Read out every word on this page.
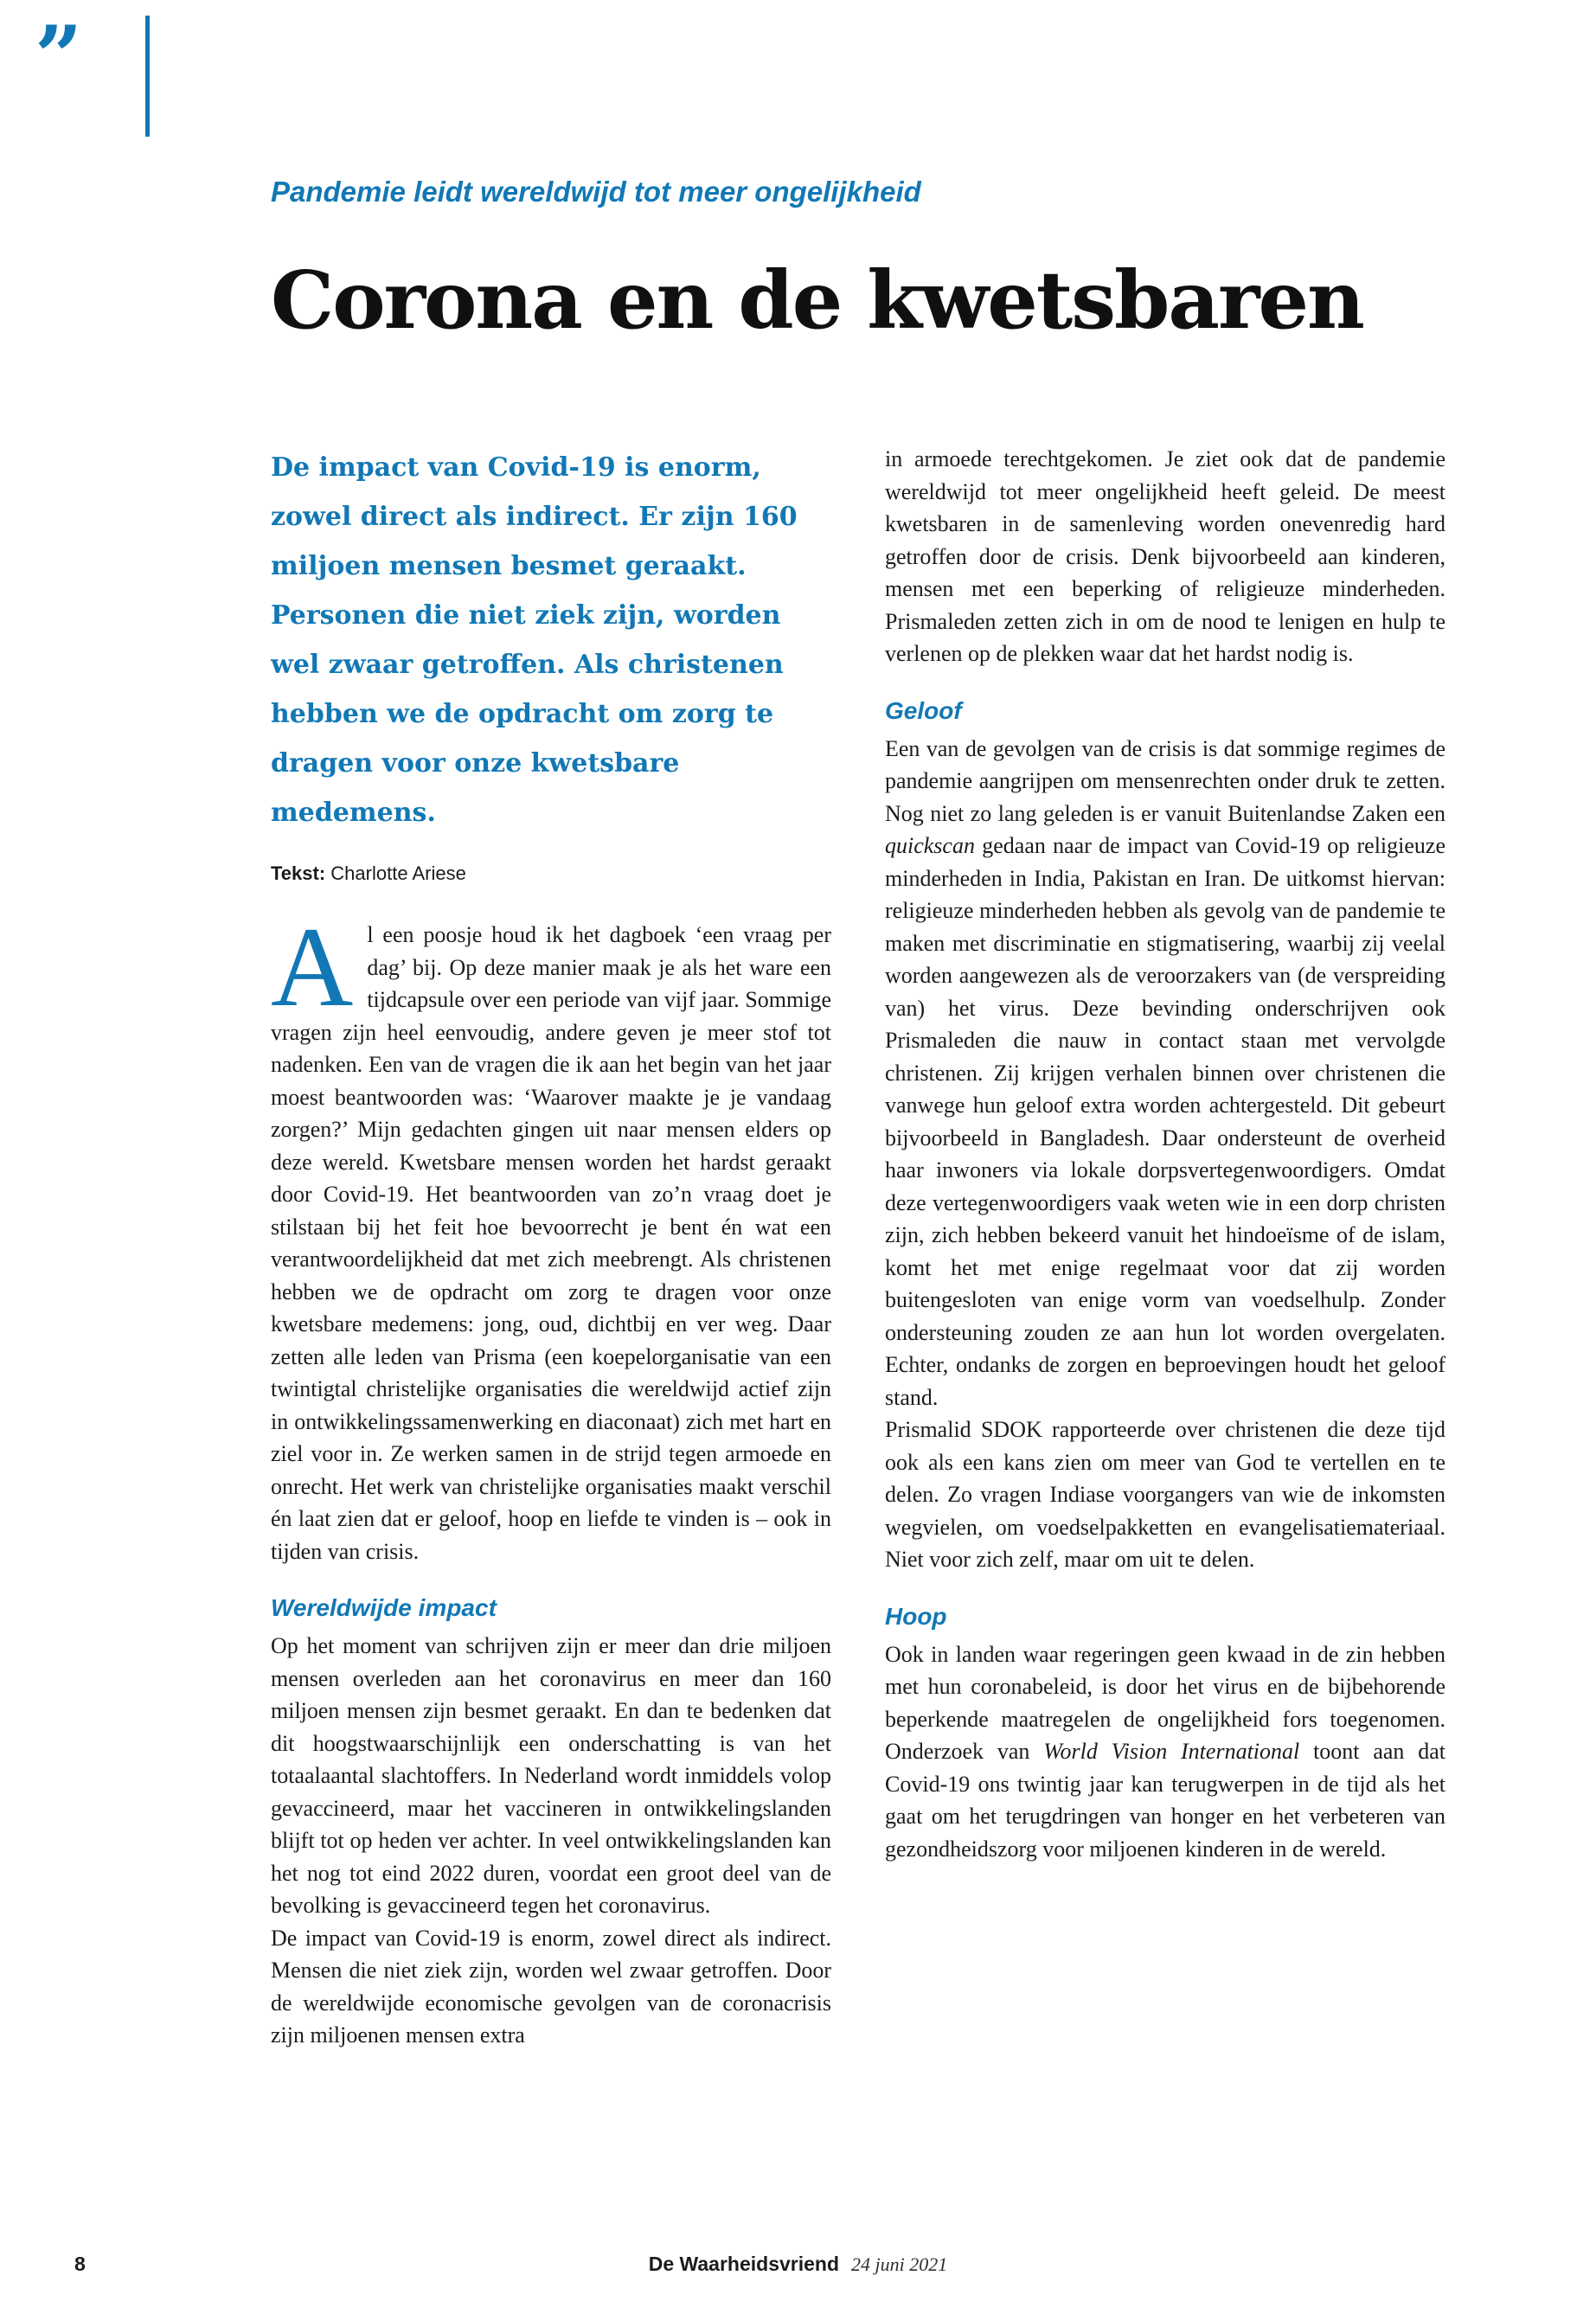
”

Pandemie leidt wereldwijd tot meer ongelijkheid

Corona en de kwetsbaren

De impact van Covid-19 is enorm, zowel direct als indirect. Er zijn 160 miljoen mensen besmet geraakt. Personen die niet ziek zijn, worden wel zwaar getroffen. Als christenen hebben we de opdracht om zorg te dragen voor onze kwetsbare medemens.

Tekst: Charlotte Ariese

Al een poosje houd ik het dagboek ‘een vraag per dag’ bij. Op deze manier maak je als het ware een tijdcapsule over een periode van vijf jaar. Sommige vragen zijn heel eenvoudig, andere geven je meer stof tot nadenken. Een van de vragen die ik aan het begin van het jaar moest beantwoorden was: ‘Waarover maakte je je vandaag zorgen?’ Mijn gedachten gingen uit naar mensen elders op deze wereld. Kwetsbare mensen worden het hardst geraakt door Covid-19. Het beantwoorden van zo’n vraag doet je stilstaan bij het feit hoe bevoorrecht je bent én wat een verantwoordelijkheid dat met zich meebrengt. Als christenen hebben we de opdracht om zorg te dragen voor onze kwetsbare medemens: jong, oud, dichtbij en ver weg. Daar zetten alle leden van Prisma (een koepelorganisatie van een twintigtal christelijke organisaties die wereldwijd actief zijn in ontwikkelingssamenwerking en diaconaat) zich met hart en ziel voor in. Ze werken samen in de strijd tegen armoede en onrecht. Het werk van christelijke organisaties maakt verschil én laat zien dat er geloof, hoop en liefde te vinden is – ook in tijden van crisis.

Wereldwijde impact

Op het moment van schrijven zijn er meer dan drie miljoen mensen overleden aan het coronavirus en meer dan 160 miljoen mensen zijn besmet geraakt. En dan te bedenken dat dit hoogstwaarschijnlijk een onderschatting is van het totaalaantal slachtoffers. In Nederland wordt inmiddels volop gevaccineerd, maar het vaccineren in ontwikkelingslanden blijft tot op heden ver achter. In veel ontwikkelingslanden kan het nog tot eind 2022 duren, voordat een groot deel van de bevolking is gevaccineerd tegen het coronavirus.

De impact van Covid-19 is enorm, zowel direct als indirect. Mensen die niet ziek zijn, worden wel zwaar getroffen. Door de wereldwijde economische gevolgen van de coronacrisis zijn miljoenen mensen extra

in armoede terechtgekomen. Je ziet ook dat de pandemie wereldwijd tot meer ongelijkheid heeft geleid. De meest kwetsbaren in de samenleving worden onevenredig hard getroffen door de crisis. Denk bijvoorbeeld aan kinderen, mensen met een beperking of religieuze minderheden. Prismaleden zetten zich in om de nood te lenigen en hulp te verlenen op de plekken waar dat het hardst nodig is.

Geloof

Een van de gevolgen van de crisis is dat sommige regimes de pandemie aangrijpen om mensenrechten onder druk te zetten. Nog niet zo lang geleden is er vanuit Buitenlandse Zaken een quickscan gedaan naar de impact van Covid-19 op religieuze minderheden in India, Pakistan en Iran. De uitkomst hiervan: religieuze minderheden hebben als gevolg van de pandemie te maken met discriminatie en stigmatisering, waarbij zij veelal worden aangewezen als de veroorzakers van (de verspreiding van) het virus. Deze bevinding onderschrijven ook Prismaleden die nauw in contact staan met vervolgde christenen. Zij krijgen verhalen binnen over christenen die vanwege hun geloof extra worden achtergesteld. Dit gebeurt bijvoorbeeld in Bangladesh. Daar ondersteunt de overheid haar inwoners via lokale dorpsvertegenwoordigers. Omdat deze vertegenwoordigers vaak weten wie in een dorp christen zijn, zich hebben bekeerd vanuit het hindoeïsme of de islam, komt het met enige regelmaat voor dat zij worden buitengesloten van enige vorm van voedselhulp. Zonder ondersteuning zouden ze aan hun lot worden overgelaten. Echter, ondanks de zorgen en beproevingen houdt het geloof stand.

Prismalid SDOK rapporteerde over christenen die deze tijd ook als een kans zien om meer van God te vertellen en te delen. Zo vragen Indiase voorgangers van wie de inkomsten wegvielen, om voedselpakketten en evangelisatiemateriaal. Niet voor zich zelf, maar om uit te delen.

Hoop

Ook in landen waar regeringen geen kwaad in de zin hebben met hun coronabeleid, is door het virus en de bijbehorende beperkende maatregelen de ongelijkheid fors toegenomen. Onderzoek van World Vision International toont aan dat Covid-19 ons twintig jaar kan terugwerpen in de tijd als het gaat om het terugdringen van honger en het verbeteren van gezondheidszorg voor miljoenen kinderen in de wereld.

8	De Waarheidsvriend 24 juni 2021
